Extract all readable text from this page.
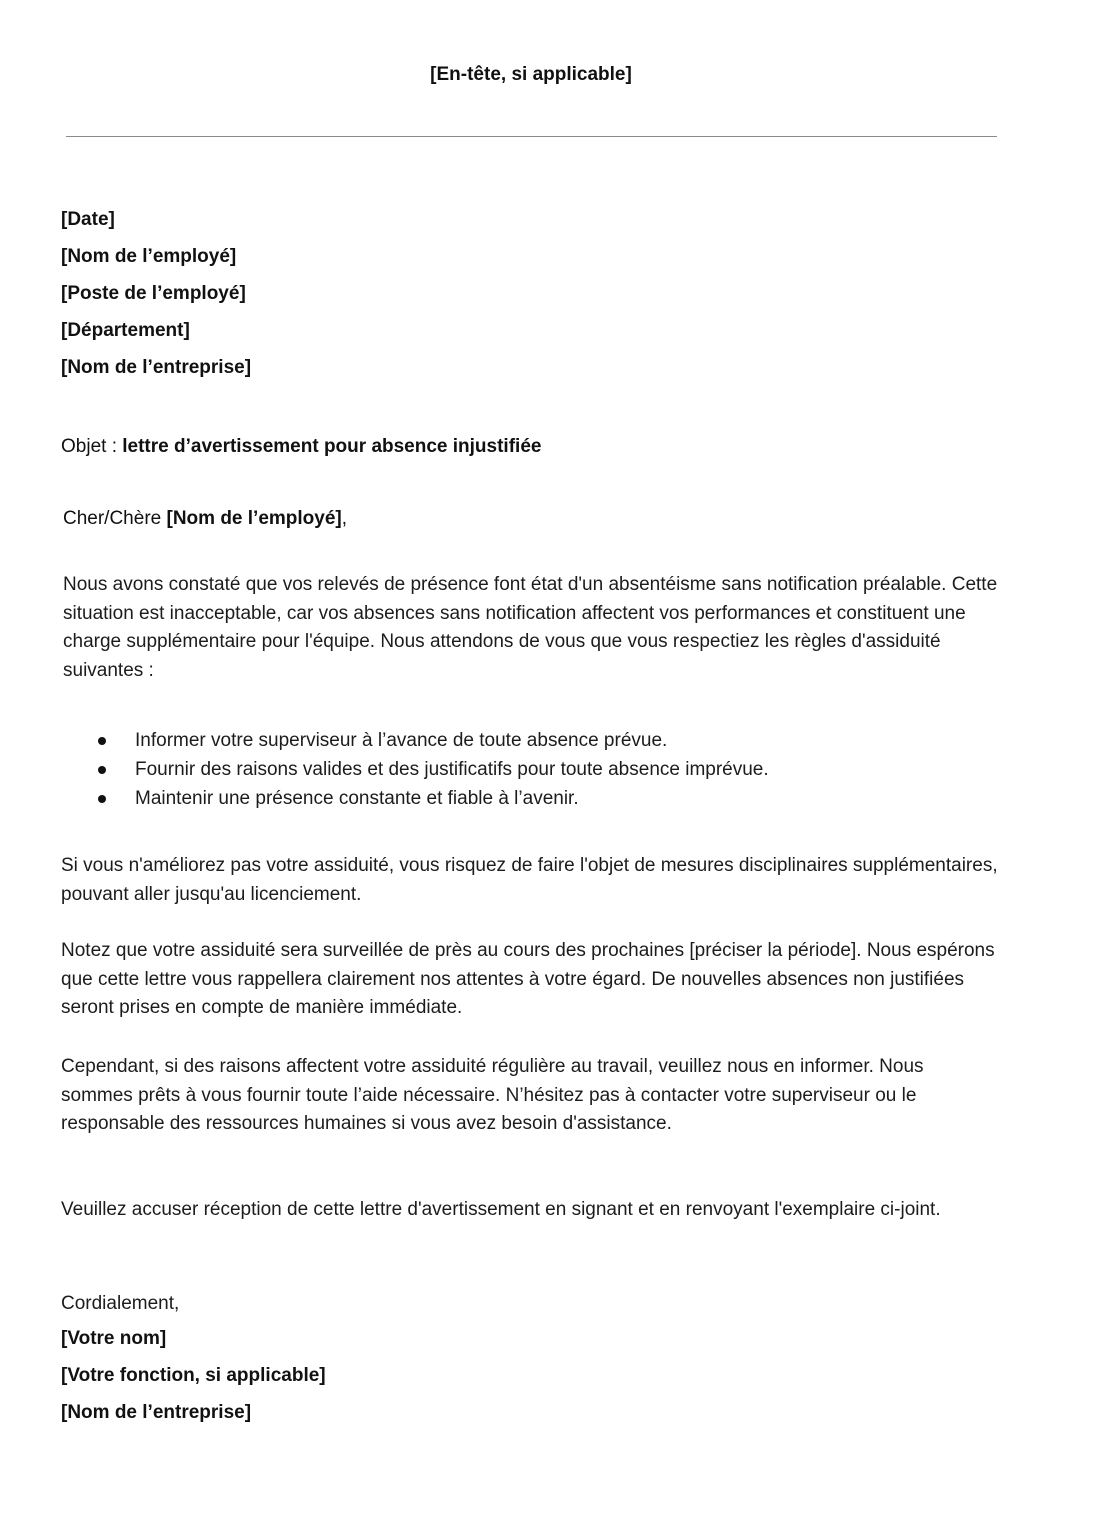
[En-tête, si applicable]
[Date]
[Nom de l’employé]
[Poste de l’employé]
[Département]
[Nom de l’entreprise]
Objet : lettre d’avertissement pour absence injustifiée
Cher/Chère [Nom de l’employé],
Nous avons constaté que vos relevés de présence font état d'un absentéisme sans notification préalable. Cette situation est inacceptable, car vos absences sans notification affectent vos performances et constituent une charge supplémentaire pour l'équipe. Nous attendons de vous que vous respectiez les règles d'assiduité suivantes :
Informer votre superviseur à l’avance de toute absence prévue.
Fournir des raisons valides et des justificatifs pour toute absence imprévue.
Maintenir une présence constante et fiable à l’avenir.
Si vous n'améliorez pas votre assiduité, vous risquez de faire l'objet de mesures disciplinaires supplémentaires, pouvant aller jusqu'au licenciement.
Notez que votre assiduité sera surveillée de près au cours des prochaines [préciser la période]. Nous espérons que cette lettre vous rappellera clairement nos attentes à votre égard. De nouvelles absences non justifiées seront prises en compte de manière immédiate.
Cependant, si des raisons affectent votre assiduité régulière au travail, veuillez nous en informer. Nous sommes prêts à vous fournir toute l’aide nécessaire. N’hésitez pas à contacter votre superviseur ou le responsable des ressources humaines si vous avez besoin d'assistance.
Veuillez accuser réception de cette lettre d'avertissement en signant et en renvoyant l'exemplaire ci-joint.
Cordialement,
[Votre nom]
[Votre fonction, si applicable]
[Nom de l’entreprise]
